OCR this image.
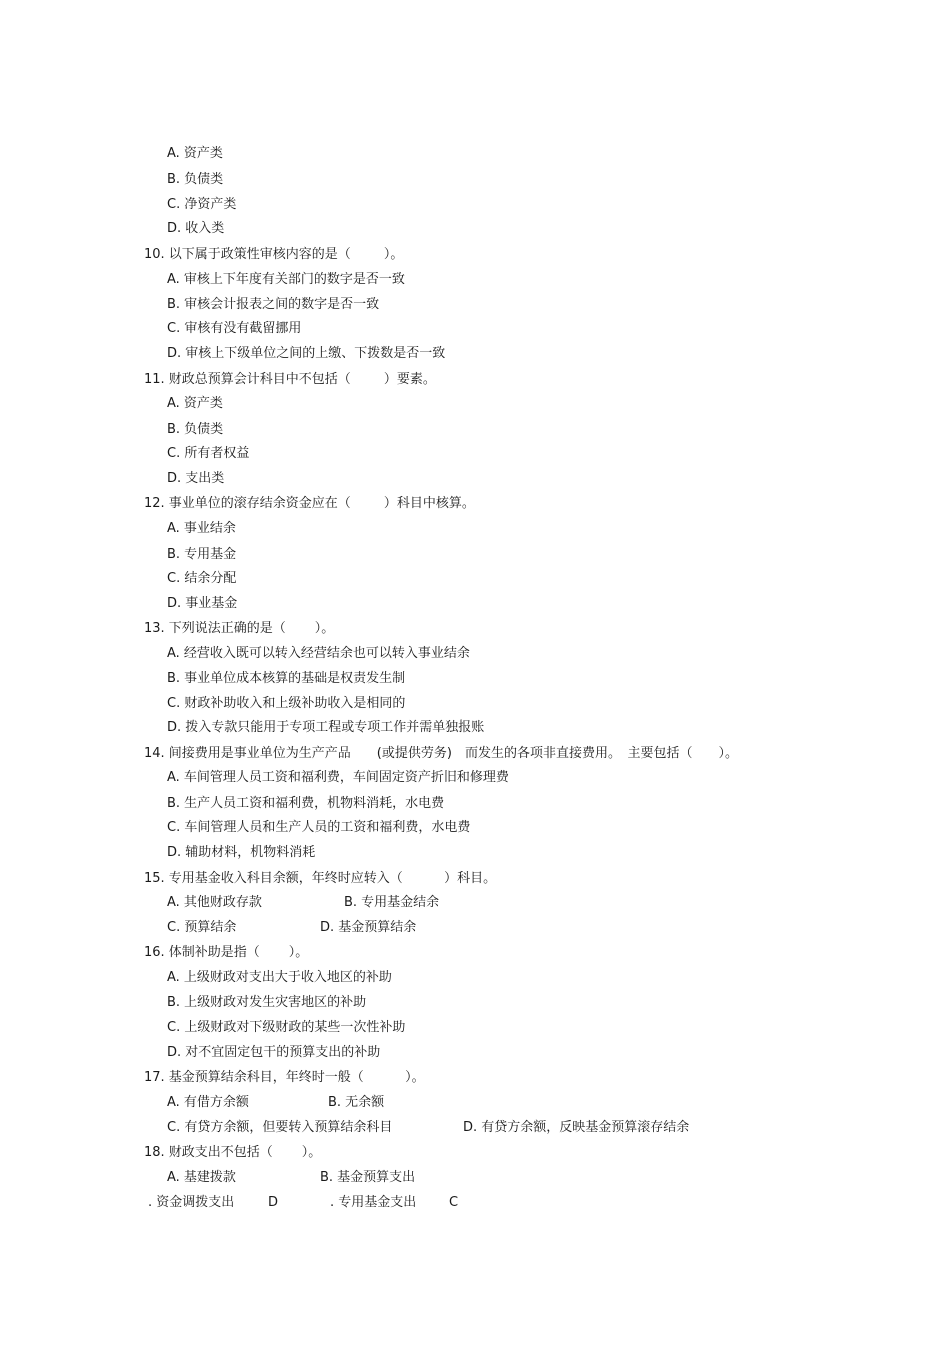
A. 资产类
B. 负债类
C. 净资产类
D. 收入类
10. 以下属于政策性审核内容的是（        ）。
A. 审核上下年度有关部门的数字是否一致
B. 审核会计报表之间的数字是否一致
C. 审核有没有截留挪用
D. 审核上下级单位之间的上缴、下拨数是否一致
11. 财政总预算会计科目中不包括（        ）要素。
A. 资产类
B. 负债类
C. 所有者权益
D. 支出类
12. 事业单位的滚存结余资金应在（        ）科目中核算。
A. 事业结余
B. 专用基金
C. 结余分配
D. 事业基金
13. 下列说法正确的是（       ）。
A. 经营收入既可以转入经营结余也可以转入事业结余
B. 事业单位成本核算的基础是权责发生制
C. 财政补助收入和上级补助收入是相同的
D. 拨入专款只能用于专项工程或专项工作并需单独报账
14. 间接费用是事业单位为生产产品　　(或提供劳务)　而发生的各项非直接费用。　主要包括（　　）。
A. 车间管理人员工资和福利费，车间固定资产折旧和修理费
B. 生产人员工资和福利费，机物料消耗，水电费
C. 车间管理人员和生产人员的工资和福利费，水电费
D. 辅助材料，机物料消耗
15. 专用基金收入科目余额，年终时应转入（          ）科目。
A. 其他财政存款	B. 专用基金结余
C. 预算结余	D. 基金预算结余
16. 体制补助是指（       ）。
A. 上级财政对支出大于收入地区的补助
B. 上级财政对发生灾害地区的补助
C. 上级财政对下级财政的某些一次性补助
D. 对不宜固定包干的预算支出的补助
17. 基金预算结余科目，年终时一般（          ）。
A. 有借方余额	B. 无余额
C. 有贷方余额，但要转入预算结余科目	D. 有贷方余额，反映基金预算滚存结余
18. 财政支出不包括（       ）。
A. 基建拨款	B. 基金预算支出
. 资金调拨支出	D	. 专用基金支出	C
